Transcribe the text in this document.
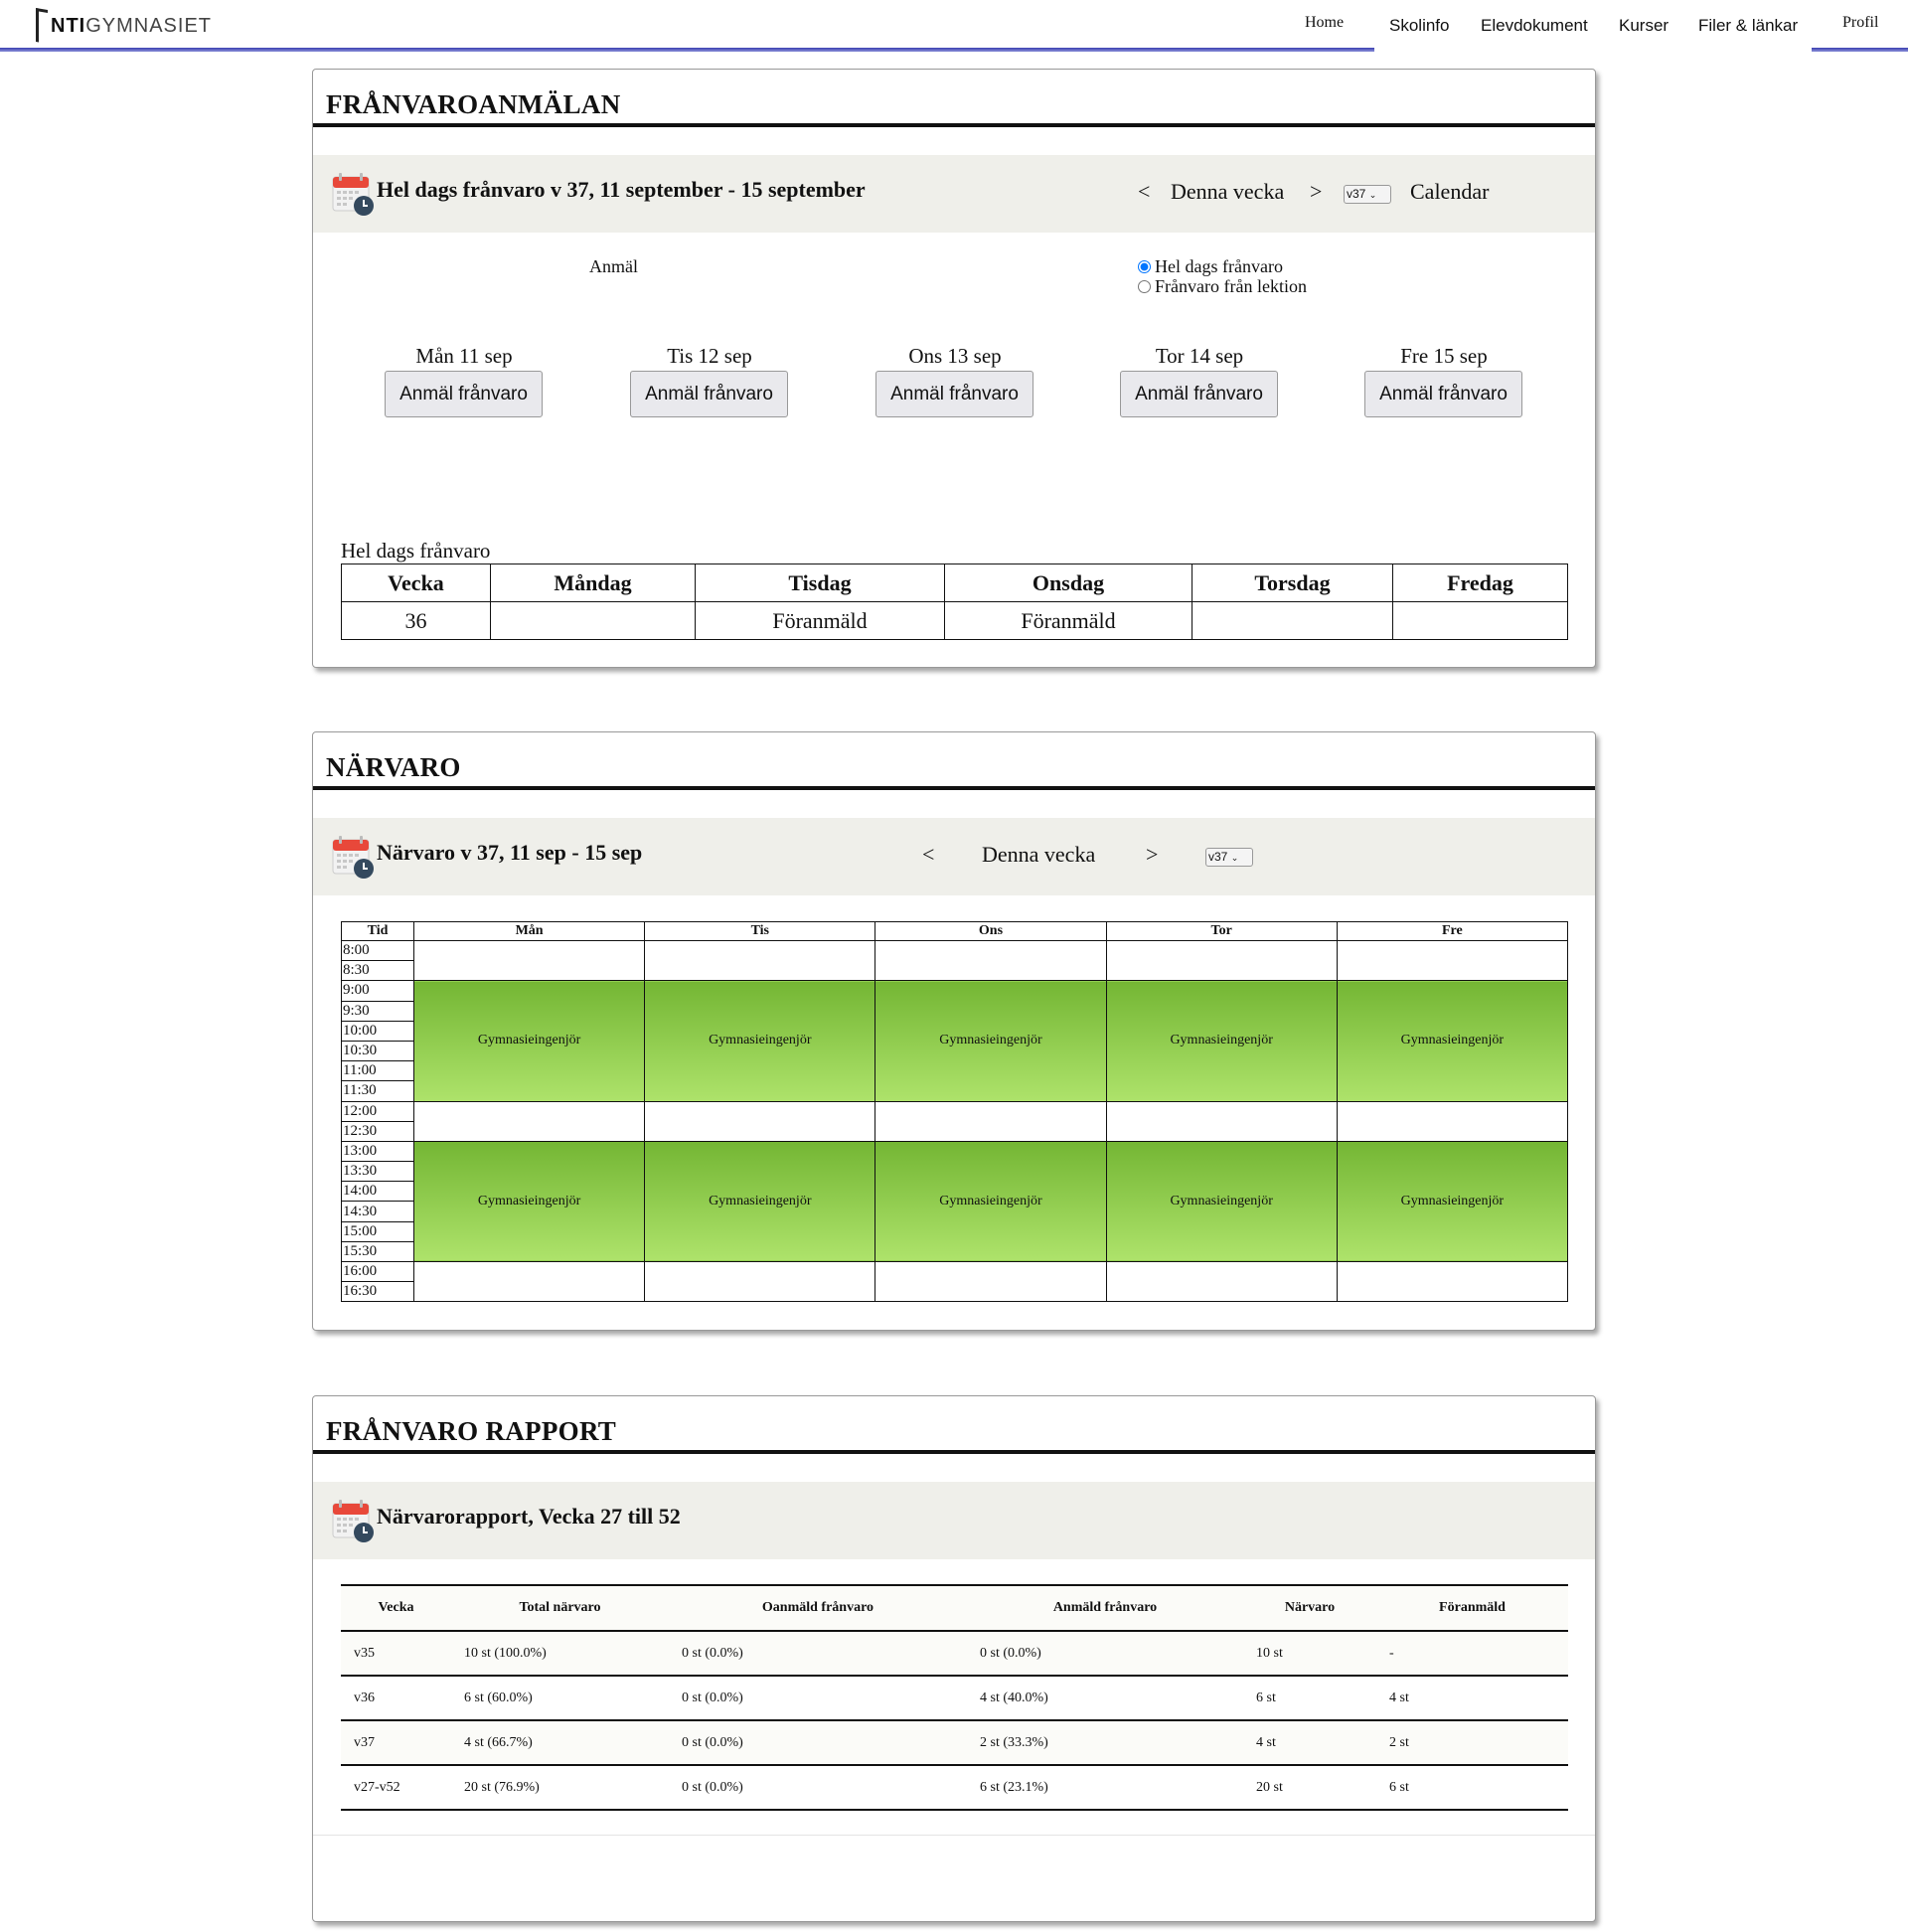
NTI GYMNASIET	Home	Skolinfo Elevdokument Kurser Filer & länkar	Profil
FRÅNVAROANMÄLAN
Hel dags frånvaro v 37, 11 september - 15 september	< Denna vecka > v37 ⌄	Calendar
Anmäl	Hel dags frånvaro
Frånvaro från lektion
Mån 11 sep
Anmäl frånvaro
Tis 12 sep
Anmäl frånvaro
Ons 13 sep
Anmäl frånvaro
Tor 14 sep
Anmäl frånvaro
Fre 15 sep
Anmäl frånvaro
Hel dags frånvaro
Vecka	Måndag	Tisdag	Onsdag	Torsdag	Fredag
36		Föranmäld	Föranmäld		
NÄRVARO
Närvaro v 37, 11 sep - 15 sep	< Denna vecka >	v37 ⌄
Tid	Mån	Tis	Ons	Tor	Fre
8:00					
8:30					
9:00	Gymnasieingenjör	Gymnasieingenjör	Gymnasieingenjör	Gymnasieingenjör	Gymnasieingenjör
9:30					
10:00					
10:30					
11:00					
11:30					
12:00					
12:30					
13:00	Gymnasieingenjör	Gymnasieingenjör	Gymnasieingenjör	Gymnasieingenjör	Gymnasieingenjör
13:30					
14:00					
14:30					
15:00					
15:30					
16:00					
16:30					
FRÅNVARO RAPPORT
Närvarorapport, Vecka 27 till 52
Vecka	Total närvaro	Oanmäld frånvaro	Anmäld frånvaro	Närvaro	Föranmäld
v35	10 st (100.0%)	0 st (0.0%)	0 st (0.0%)	10 st	-
v36	6 st (60.0%)	0 st (0.0%)	4 st (40.0%)	6 st	4 st
v37	4 st (66.7%)	0 st (0.0%)	2 st (33.3%)	4 st	2 st
v27-v52	20 st (76.9%)	0 st (0.0%)	6 st (23.1%)	20 st	6 st
